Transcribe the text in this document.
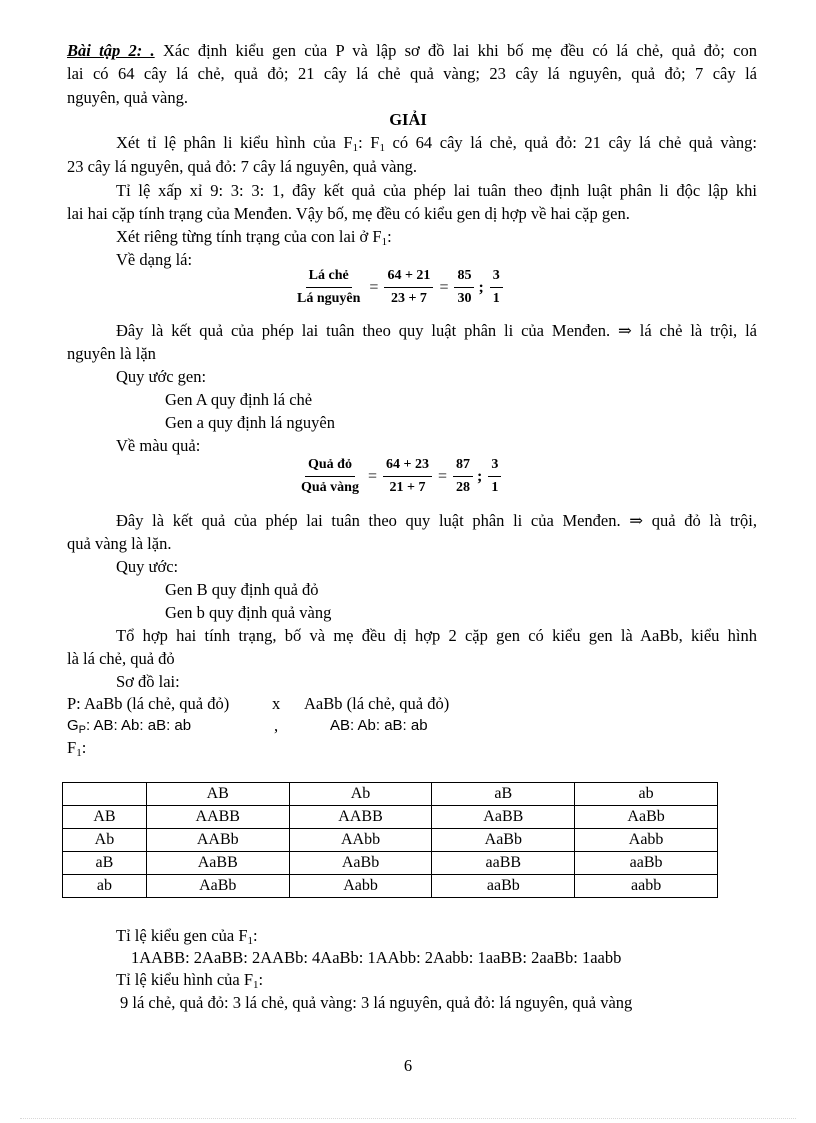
Bài tập 2: . Xác định kiểu gen của P và lập sơ đồ lai khi bố mẹ đều có lá chẻ, quả đỏ; con
lai có 64 cây lá chẻ, quả đỏ; 21 cây lá chẻ quả vàng; 23 cây lá nguyên, quả đỏ; 7 cây lá
nguyên, quả vàng.
GIẢI
Xét tỉ lệ phân li kiểu hình của $F_1$: $F_1$ có 64 cây lá chẻ, quả đỏ: 21 cây lá chẻ quả vàng:
23 cây lá nguyên, quả đỏ: 7 cây lá nguyên, quả vàng.
Tỉ lệ xấp xỉ 9: 3: 3: 1, đây kết quả của phép lai tuân theo định luật phân li độc lập khi
lai hai cặp tính trạng của Menđen. Vậy bố, mẹ đều có kiểu gen dị hợp về hai cặp gen.
Xét riêng từng tính trạng của con lai ở $F_1$:
Về dạng lá:
$\frac{\text{Lá chẻ}}{\text{Lá nguyên}} = \frac{64 + 21}{23 + 7} = \frac{85}{30}$ ; $\frac{3}{1}$
Đây là kết quả của phép lai tuân theo quy luật phân li của Menđen. ⇒ lá chẻ là trội, lá
nguyên là lặn
Quy ước gen:
Gen A quy định lá chẻ
Gen a quy định lá nguyên
Về màu quả:
$\frac{\text{Quả đỏ}}{\text{Quả vàng}} = \frac{64 + 23}{21 + 7} = \frac{87}{28}$ ; $\frac{3}{1}$
Đây là kết quả của phép lai tuân theo quy luật phân li của Menđen. ⇒ quả đỏ là trội,
quả vàng là lặn.
Quy ước:
Gen B quy định quả đỏ
Gen b quy định quả vàng
Tổ hợp hai tính trạng, bố và mẹ đều dị hợp 2 cặp gen có kiểu gen là AaBb, kiểu hình
là lá chẻ, quả đỏ
Sơ đồ lai:
P: AaBb (lá chẻ, quả đỏ)	x AaBb (lá chẻ, quả đỏ)
$G_P$: AB: Ab: aB: ab	,	AB: Ab: aB: ab
$F_1$:
	AB	Ab	aB	ab
AB	AABB	AABB	AaBB	AaBb
Ab	AABb	AAbb	AaBb	Aabb
aB	AaBB	AaBb	aaBB	aaBb
ab	AaBb	Aabb	aaBb	aabb
Tỉ lệ kiểu gen của $F_1$:
1AABB: 2AaBB: 2AABb: 4AaBb: 1AAbb: 2Aabb: 1aaBB: 2aaBb: 1aabb
Tỉ lệ kiểu hình của $F_1$:
9 lá chẻ, quả đỏ: 3 lá chẻ, quả vàng: 3 lá nguyên, quả đỏ: lá nguyên, quả vàng
6
